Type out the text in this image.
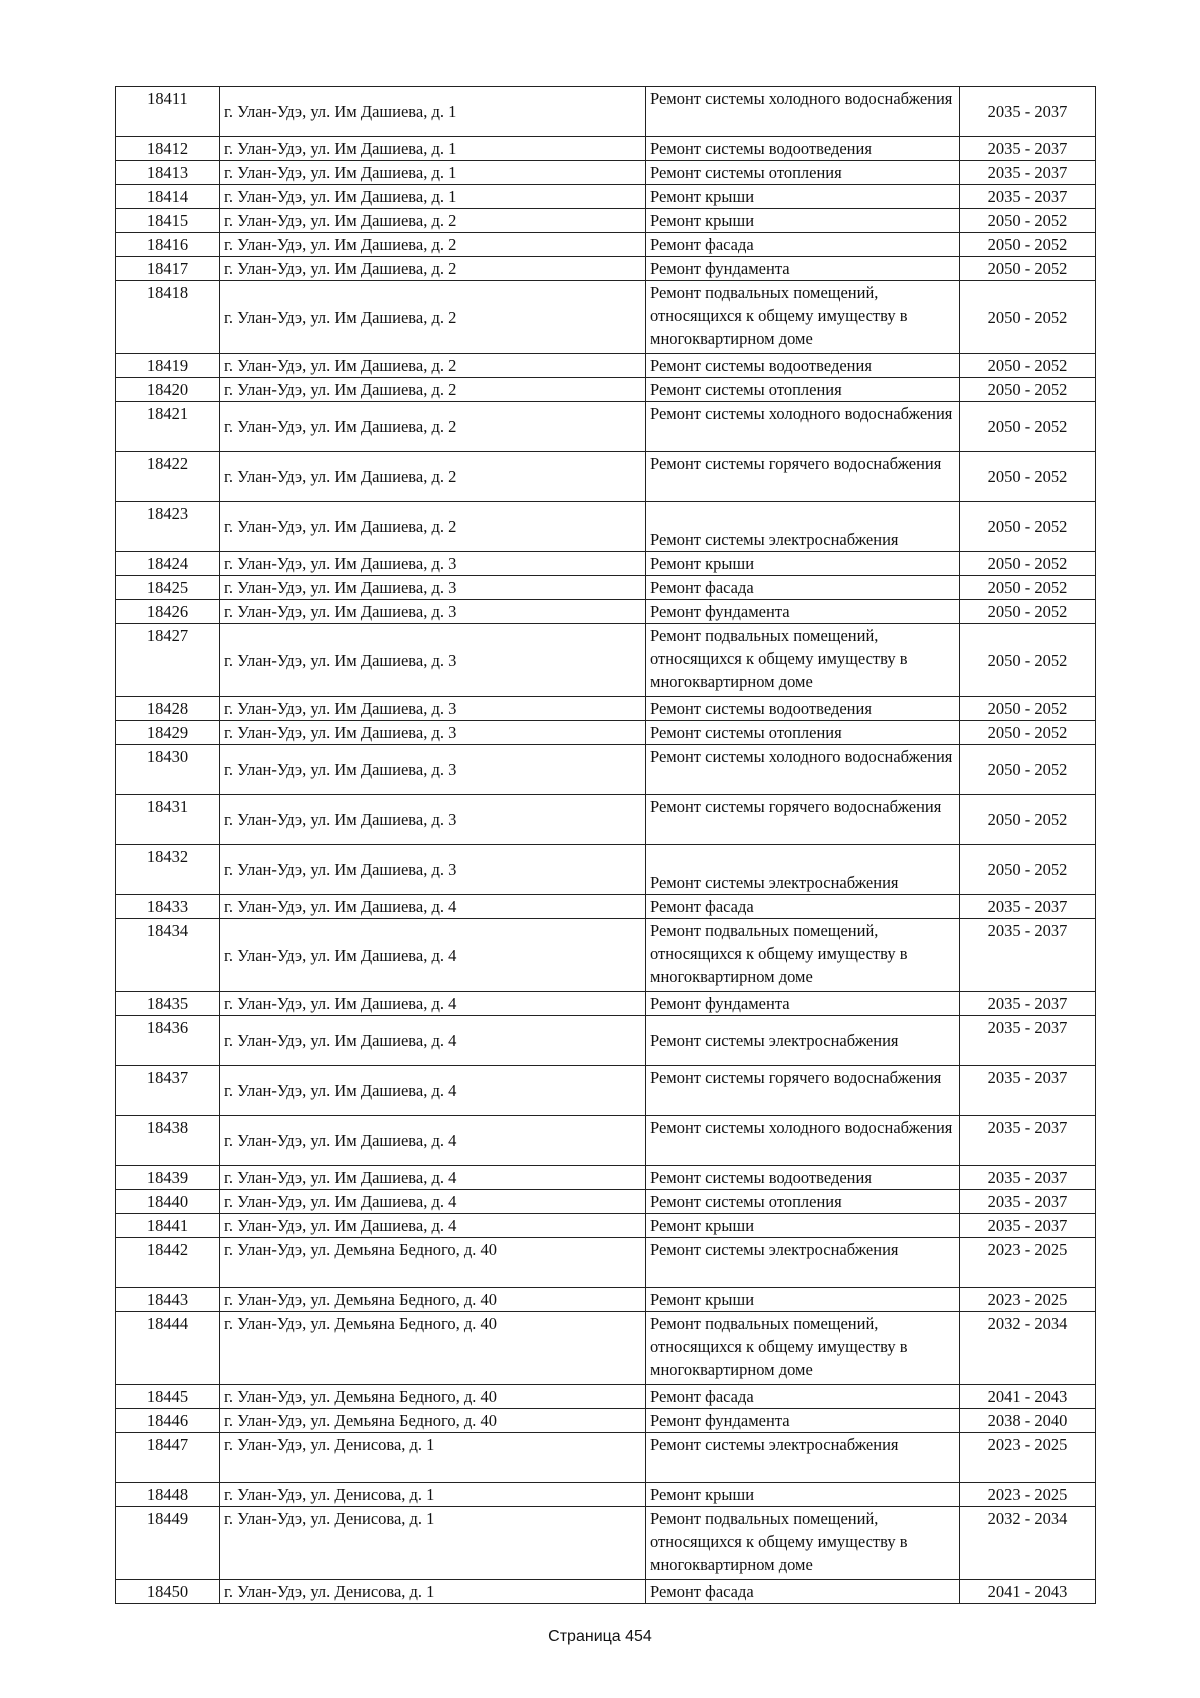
18411	г. Улан-Удэ, ул. Им Дашиева, д. 1	Ремонт системы холодного водоснабжения	2035 - 2037
18412	г. Улан-Удэ, ул. Им Дашиева, д. 1	Ремонт системы водоотведения	2035 - 2037
18413	г. Улан-Удэ, ул. Им Дашиева, д. 1	Ремонт системы отопления	2035 - 2037
18414	г. Улан-Удэ, ул. Им Дашиева, д. 1	Ремонт крыши	2035 - 2037
18415	г. Улан-Удэ, ул. Им Дашиева, д. 2	Ремонт крыши	2050 - 2052
18416	г. Улан-Удэ, ул. Им Дашиева, д. 2	Ремонт фасада	2050 - 2052
18417	г. Улан-Удэ, ул. Им Дашиева, д. 2	Ремонт фундамента	2050 - 2052
18418	г. Улан-Удэ, ул. Им Дашиева, д. 2	Ремонт подвальных помещений, относящихся к общему имуществу в многоквартирном доме	2050 - 2052
18419	г. Улан-Удэ, ул. Им Дашиева, д. 2	Ремонт системы водоотведения	2050 - 2052
18420	г. Улан-Удэ, ул. Им Дашиева, д. 2	Ремонт системы отопления	2050 - 2052
18421	г. Улан-Удэ, ул. Им Дашиева, д. 2	Ремонт системы холодного водоснабжения	2050 - 2052
18422	г. Улан-Удэ, ул. Им Дашиева, д. 2	Ремонт системы горячего водоснабжения	2050 - 2052
18423	г. Улан-Удэ, ул. Им Дашиева, д. 2	Ремонт системы электроснабжения	2050 - 2052
18424	г. Улан-Удэ, ул. Им Дашиева, д. 3	Ремонт крыши	2050 - 2052
18425	г. Улан-Удэ, ул. Им Дашиева, д. 3	Ремонт фасада	2050 - 2052
18426	г. Улан-Удэ, ул. Им Дашиева, д. 3	Ремонт фундамента	2050 - 2052
18427	г. Улан-Удэ, ул. Им Дашиева, д. 3	Ремонт подвальных помещений, относящихся к общему имуществу в многоквартирном доме	2050 - 2052
18428	г. Улан-Удэ, ул. Им Дашиева, д. 3	Ремонт системы водоотведения	2050 - 2052
18429	г. Улан-Удэ, ул. Им Дашиева, д. 3	Ремонт системы отопления	2050 - 2052
18430	г. Улан-Удэ, ул. Им Дашиева, д. 3	Ремонт системы холодного водоснабжения	2050 - 2052
18431	г. Улан-Удэ, ул. Им Дашиева, д. 3	Ремонт системы горячего водоснабжения	2050 - 2052
18432	г. Улан-Удэ, ул. Им Дашиева, д. 3	Ремонт системы электроснабжения	2050 - 2052
18433	г. Улан-Удэ, ул. Им Дашиева, д. 4	Ремонт фасада	2035 - 2037
18434	г. Улан-Удэ, ул. Им Дашиева, д. 4	Ремонт подвальных помещений, относящихся к общему имуществу в многоквартирном доме	2035 - 2037
18435	г. Улан-Удэ, ул. Им Дашиева, д. 4	Ремонт фундамента	2035 - 2037
18436	г. Улан-Удэ, ул. Им Дашиева, д. 4	Ремонт системы электроснабжения	2035 - 2037
18437	г. Улан-Удэ, ул. Им Дашиева, д. 4	Ремонт системы горячего водоснабжения	2035 - 2037
18438	г. Улан-Удэ, ул. Им Дашиева, д. 4	Ремонт системы холодного водоснабжения	2035 - 2037
18439	г. Улан-Удэ, ул. Им Дашиева, д. 4	Ремонт системы водоотведения	2035 - 2037
18440	г. Улан-Удэ, ул. Им Дашиева, д. 4	Ремонт системы отопления	2035 - 2037
18441	г. Улан-Удэ, ул. Им Дашиева, д. 4	Ремонт крыши	2035 - 2037
18442	г. Улан-Удэ, ул. Демьяна Бедного, д. 40	Ремонт системы электроснабжения	2023 - 2025
18443	г. Улан-Удэ, ул. Демьяна Бедного, д. 40	Ремонт крыши	2023 - 2025
18444	г. Улан-Удэ, ул. Демьяна Бедного, д. 40	Ремонт подвальных помещений, относящихся к общему имуществу в многоквартирном доме	2032 - 2034
18445	г. Улан-Удэ, ул. Демьяна Бедного, д. 40	Ремонт фасада	2041 - 2043
18446	г. Улан-Удэ, ул. Демьяна Бедного, д. 40	Ремонт фундамента	2038 - 2040
18447	г. Улан-Удэ, ул. Денисова, д. 1	Ремонт системы электроснабжения	2023 - 2025
18448	г. Улан-Удэ, ул. Денисова, д. 1	Ремонт крыши	2023 - 2025
18449	г. Улан-Удэ, ул. Денисова, д. 1	Ремонт подвальных помещений, относящихся к общему имуществу в многоквартирном доме	2032 - 2034
18450	г. Улан-Удэ, ул. Денисова, д. 1	Ремонт фасада	2041 - 2043
Страница 454
